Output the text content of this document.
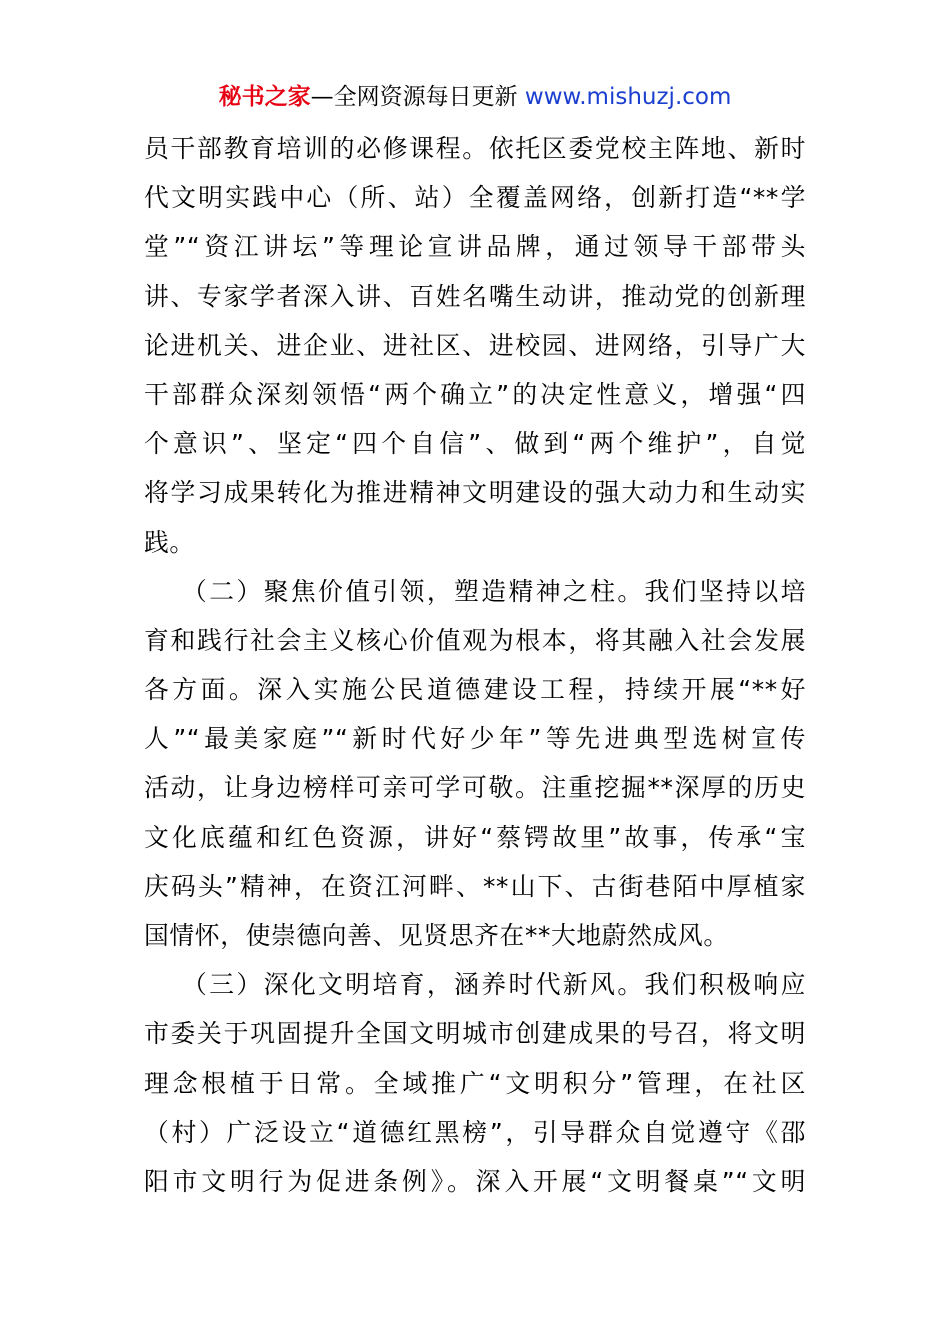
秘书之家—全网资源每日更新 www.mishuzj.com
员干部教育培训的必修课程。依托区委党校主阵地、新时
代文明实践中心（所、站）全覆盖网络，创新打造“**学
堂”“资江讲坛”等理论宣讲品牌，通过领导干部带头
讲、专家学者深入讲、百姓名嘴生动讲，推动党的创新理
论进机关、进企业、进社区、进校园、进网络，引导广大
干部群众深刻领悟“两个确立”的决定性意义，增强“四
个意识”、坚定“四个自信”、做到“两个维护”，自觉
将学习成果转化为推进精神文明建设的强大动力和生动实
践。
（二）聚焦价值引领，塑造精神之柱。我们坚持以培
育和践行社会主义核心价值观为根本，将其融入社会发展
各方面。深入实施公民道德建设工程，持续开展“**好
人”“最美家庭”“新时代好少年”等先进典型选树宣传
活动，让身边榜样可亲可学可敬。注重挖掘**深厚的历史
文化底蕴和红色资源，讲好“蔡锷故里”故事，传承“宝
庆码头”精神，在资江河畔、**山下、古街巷陌中厚植家
国情怀，使崇德向善、见贤思齐在**大地蔚然成风。
（三）深化文明培育，涵养时代新风。我们积极响应
市委关于巩固提升全国文明城市创建成果的号召，将文明
理念根植于日常。全域推广“文明积分”管理，在社区
（村）广泛设立“道德红黑榜”，引导群众自觉遵守《邵
阳市文明行为促进条例》。深入开展“文明餐桌”“文明
